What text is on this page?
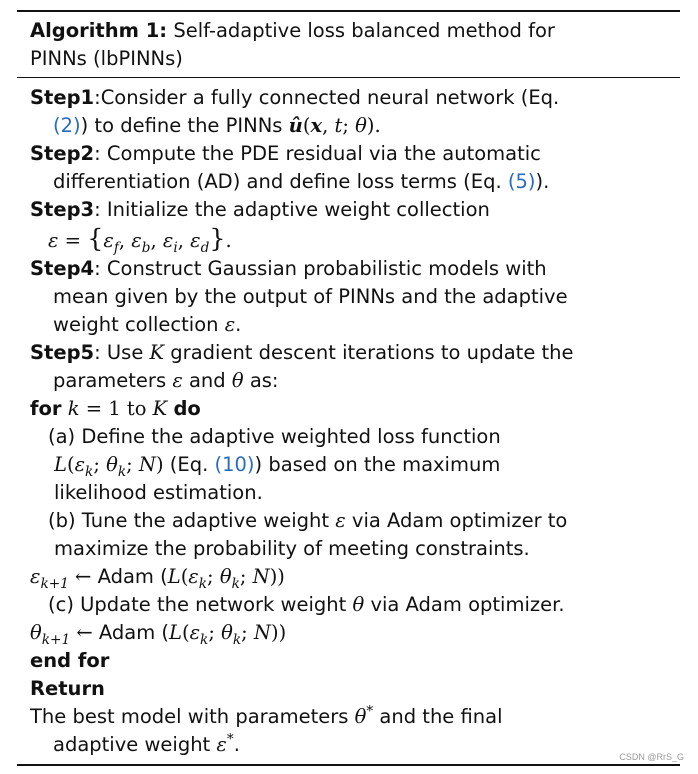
Algorithm 1: Self-adaptive loss balanced method for
PINNs (lbPINNs)
Step1:Consider a fully connected neural network (Eq.
(2)) to define the PINNs û(x, t; θ).
Step2: Compute the PDE residual via the automatic
differentiation (AD) and define loss terms (Eq. (5)).
Step3: Initialize the adaptive weight collection
$\varepsilon = \{\varepsilon_f$, $\varepsilon_b$, $\varepsilon_i$, $\varepsilon_d$}.
Step4: Construct Gaussian probabilistic models with
mean given by the output of PINNs and the adaptive
weight collection ε.
Step5: Use K gradient descent iterations to update the
parameters ε and θ as:
for k = 1 to K do
(a) Define the adaptive weighted loss function
$L(\varepsilon_k$; $\theta_k$; N) (Eq. (10)) based on the maximum
likelihood estimation.
(b) Tune the adaptive weight ε via Adam optimizer to
maximize the probability of meeting constraints.
$\varepsilon_{k+1}$ ← Adam ($L(\varepsilon_k$; $\theta_k$; N))
(c) Update the network weight θ via Adam optimizer.
$\theta_{k+1}$ ← Adam ($L(\varepsilon_k$; $\theta_k$; N))
end for
Return
The best model with parameters θ* and the final
adaptive weight ε*.
CSDN @RrS_G
